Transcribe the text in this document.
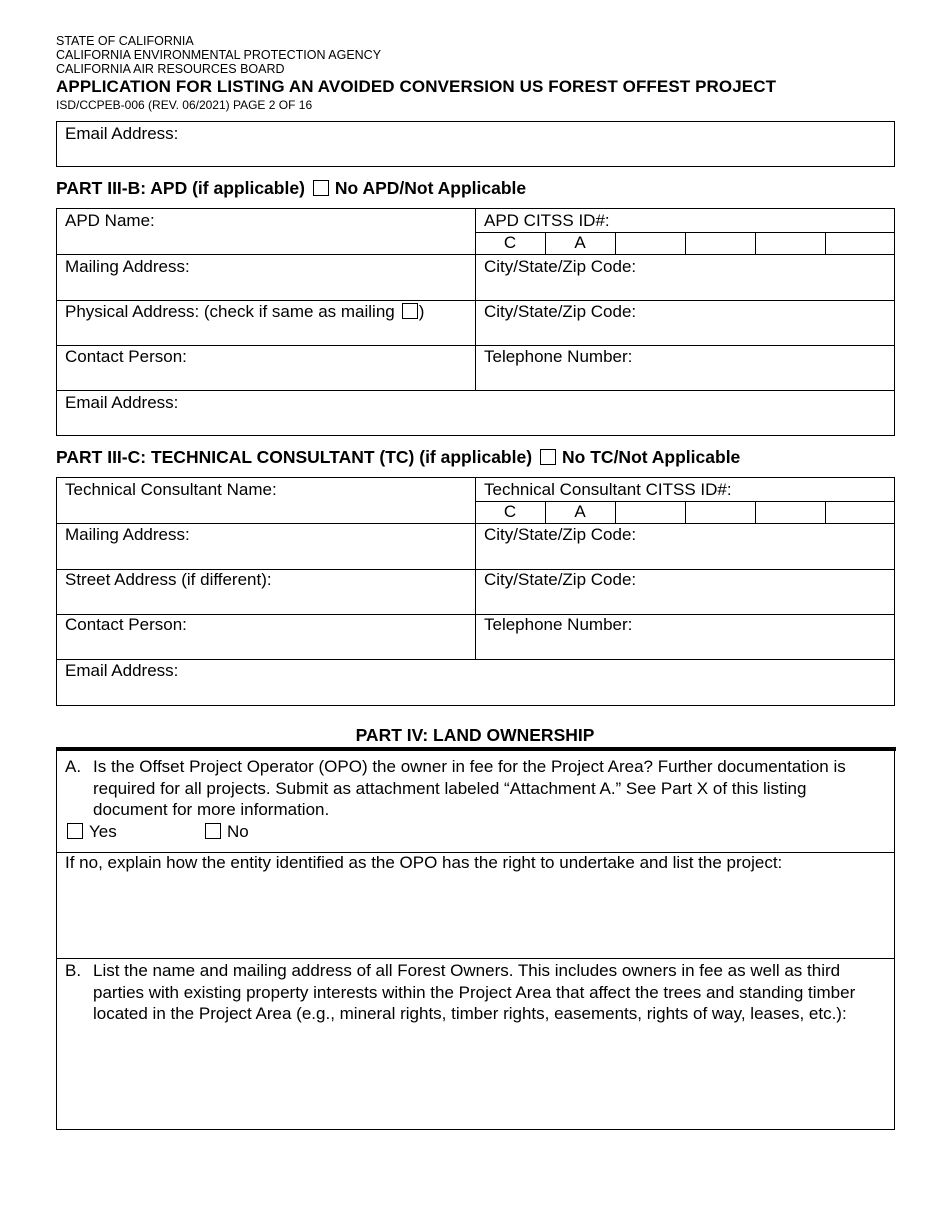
STATE OF CALIFORNIA
CALIFORNIA ENVIRONMENTAL PROTECTION AGENCY
CALIFORNIA AIR RESOURCES BOARD
APPLICATION FOR LISTING AN AVOIDED CONVERSION US FOREST OFFEST PROJECT
ISD/CCPEB-006 (REV. 06/2021) PAGE 2 OF 16
Email Address:
PART III-B: APD (if applicable) No APD/Not Applicable
APD Name:	APD CITSS ID#:
C	A
Mailing Address:	City/State/Zip Code:
Physical Address: (check if same as mailing )	City/State/Zip Code:
Contact Person:	Telephone Number:
Email Address:
PART III-C: TECHNICAL CONSULTANT (TC) (if applicable) No TC/Not Applicable
Technical Consultant Name:	Technical Consultant CITSS ID#:
C	A
Mailing Address:	City/State/Zip Code:
Street Address (if different):	City/State/Zip Code:
Contact Person:	Telephone Number:
Email Address:
PART IV: LAND OWNERSHIP
A. Is the Offset Project Operator (OPO) the owner in fee for the Project Area? Further documentation is required for all projects. Submit as attachment labeled “Attachment A.” See Part X of this listing document for more information.
Yes	No
If no, explain how the entity identified as the OPO has the right to undertake and list the project:
B. List the name and mailing address of all Forest Owners. This includes owners in fee as well as third parties with existing property interests within the Project Area that affect the trees and standing timber located in the Project Area (e.g., mineral rights, timber rights, easements, rights of way, leases, etc.):
